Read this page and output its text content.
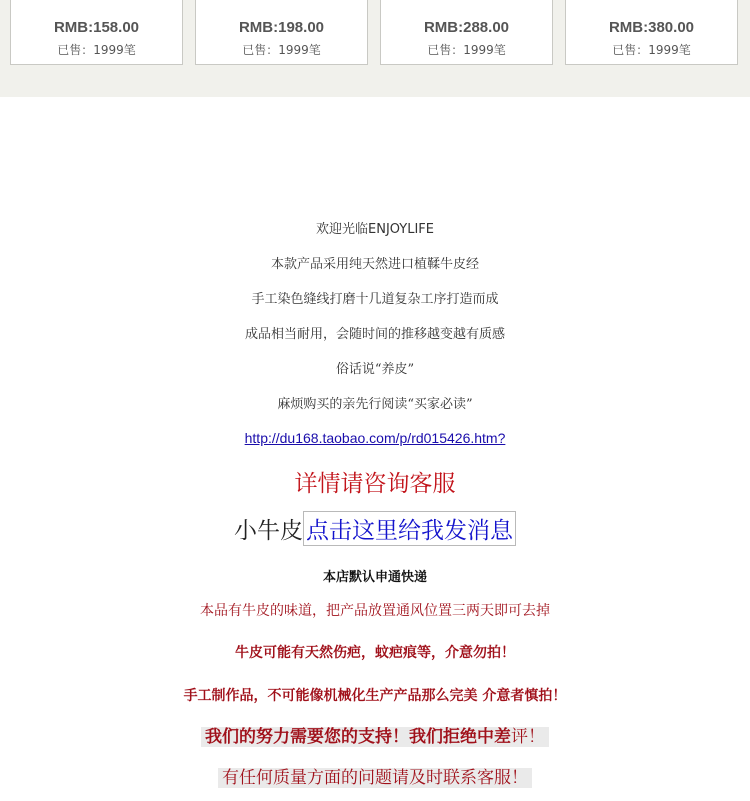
RMB:158.00
已售：1999笔
RMB:198.00
已售：1999笔
RMB:288.00
已售：1999笔
RMB:380.00
已售：1999笔
欢迎光临ENJOYLIFE
本款产品采用纯天然进口植鞣牛皮经
手工染色缝线打磨十几道复杂工序打造而成
成品相当耐用，会随时间的推移越变越有质感
俗话说“养皮”
麻烦购买的亲先行阅读“买家必读”
http://du168.taobao.com/p/rd015426.htm?
详情请咨询客服
小牛皮 点击这里给我发消息
本店默认申通快递
本品有牛皮的味道，把产品放置通风位置三两天即可去掉
牛皮可能有天然伤疤，蚊疤痕等，介意勿拍！
手工制作品，不可能像机械化生产产品那么完美 介意者慎拍！
我们的努力需要您的支持！我们拒绝中差评！
有任何质量方面的问题请及时联系客服！
